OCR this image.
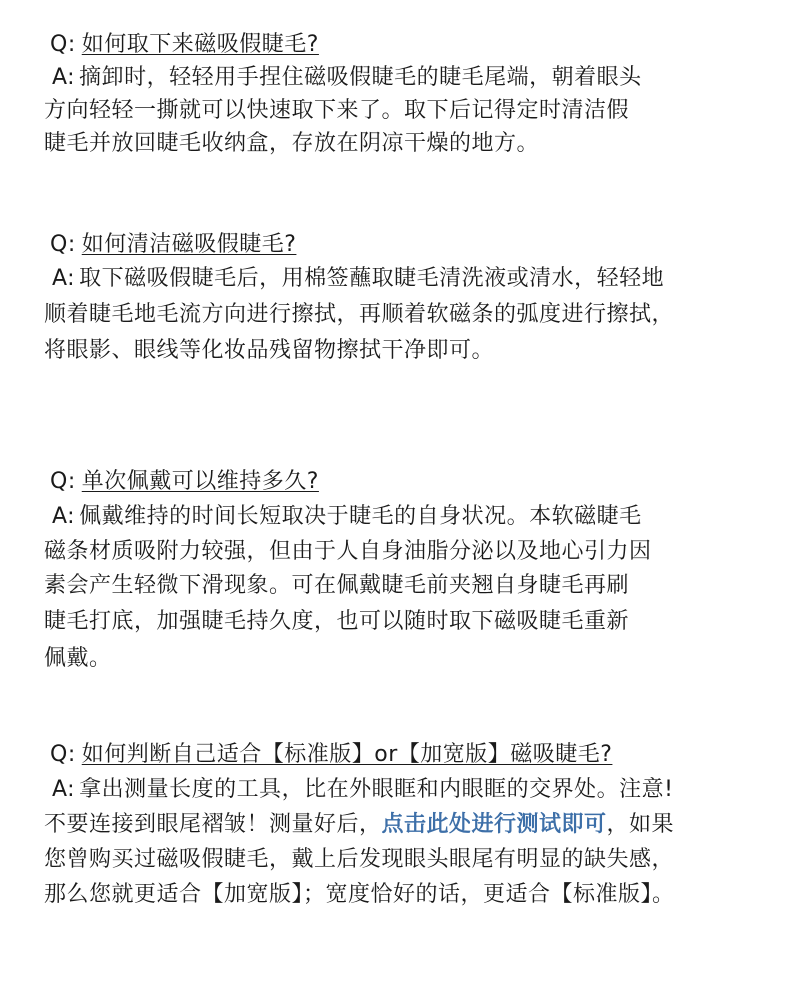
Q: 如何取下来磁吸假睫毛?
A: 摘卸时，轻轻用手捏住磁吸假睫毛的睫毛尾端，朝着眼头
方向轻轻一撕就可以快速取下来了。取下后记得定时清洁假
睫毛并放回睫毛收纳盒，存放在阴凉干燥的地方。
Q: 如何清洁磁吸假睫毛?
A: 取下磁吸假睫毛后，用棉签蘸取睫毛清洗液或清水，轻轻地
顺着睫毛地毛流方向进行擦拭，再顺着软磁条的弧度进行擦拭，
将眼影、眼线等化妆品残留物擦拭干净即可。
Q: 单次佩戴可以维持多久?
A: 佩戴维持的时间长短取决于睫毛的自身状况。本软磁睫毛
磁条材质吸附力较强，但由于人自身油脂分泌以及地心引力因
素会产生轻微下滑现象。可在佩戴睫毛前夹翘自身睫毛再刷
睫毛打底，加强睫毛持久度，也可以随时取下磁吸睫毛重新
佩戴。
Q: 如何判断自己适合【标准版】or【加宽版】磁吸睫毛?
A: 拿出测量长度的工具，比在外眼眶和内眼眶的交界处。注意!
不要连接到眼尾褶皱！测量好后，点击此处进行测试即可，如果
您曾购买过磁吸假睫毛，戴上后发现眼头眼尾有明显的缺失感，
那么您就更适合【加宽版】；宽度恰好的话，更适合【标准版】。
